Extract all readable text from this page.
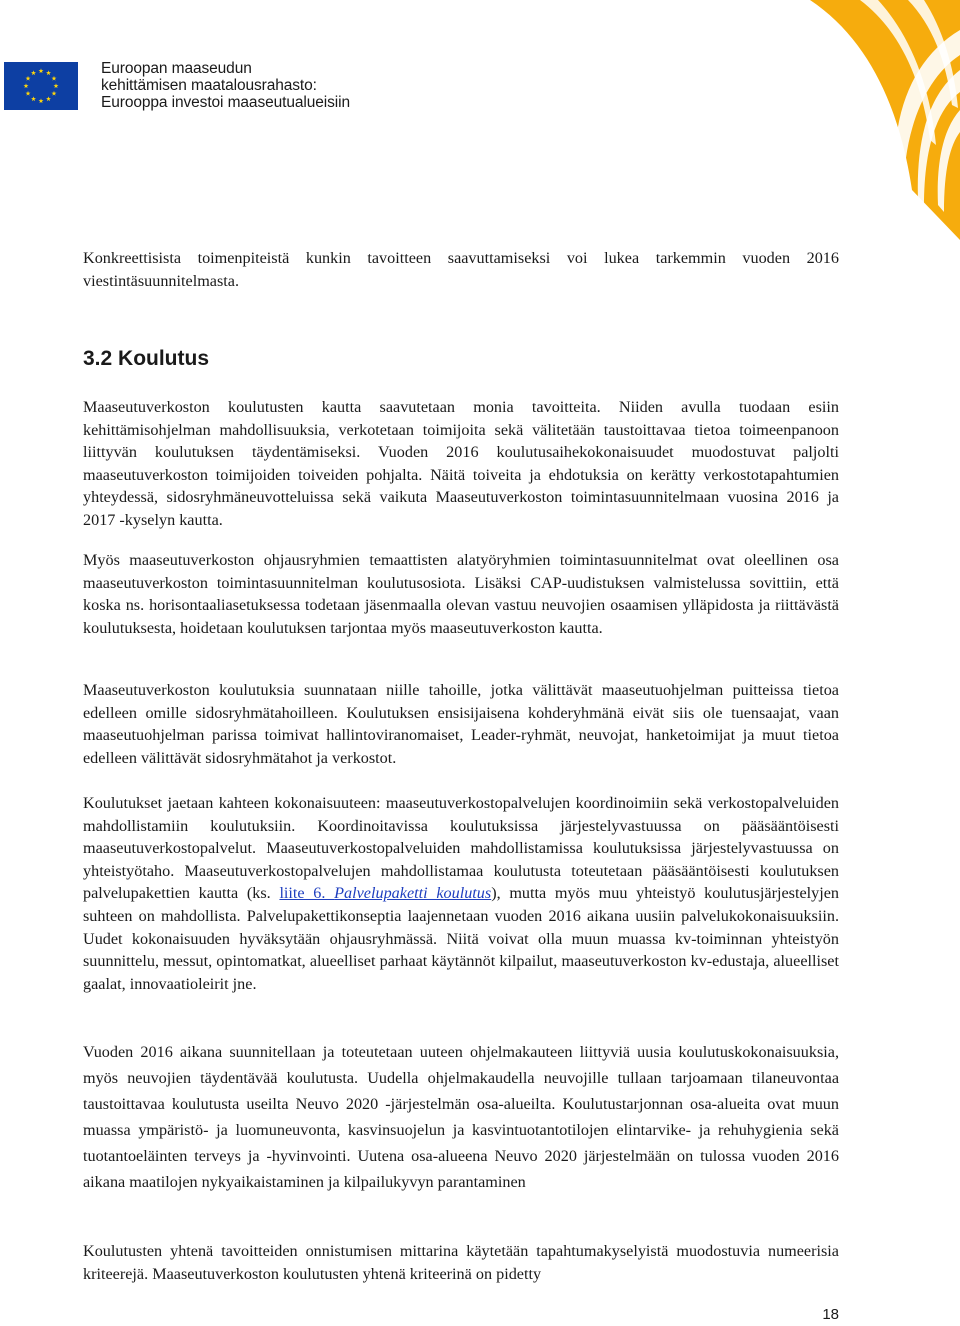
Euroopan maaseudun
kehittämisen maatalousrahasto:
Eurooppa investoi maaseutualueisiin

Konkreettisista toimenpiteistä kunkin tavoitteen saavuttamiseksi voi lukea tarkemmin vuoden 2016 viestintäsuunnitelmasta.

3.2 Koulutus

Maaseutuverkoston koulutusten kautta saavutetaan monia tavoitteita. Niiden avulla tuodaan esiin kehittämisohjelman mahdollisuuksia, verkotetaan toimijoita sekä välitetään taustoittavaa tietoa toimeenpanoon liittyvän koulutuksen täydentämiseksi. Vuoden 2016 koulutusaihekokonaisuudet muodostuvat paljolti maaseutuverkoston toimijoiden toiveiden pohjalta. Näitä toiveita ja ehdotuksia on kerätty verkostotapahtumien yhteydessä, sidosryhmäneuvotteluissa sekä vaikuta Maaseutuverkoston toimintasuunnitelmaan vuosina 2016 ja 2017 -kyselyn kautta.

Myös maaseutuverkoston ohjausryhmien temaattisten alatyöryhmien toimintasuunnitelmat ovat oleellinen osa maaseutuverkoston toimintasuunnitelman koulutusosiota. Lisäksi CAP-uudistuksen valmistelussa sovittiin, että koska ns. horisontaaliasetuksessa todetaan jäsenmaalla olevan vastuu neuvojien osaamisen ylläpidosta ja riittävästä koulutuksesta, hoidetaan koulutuksen tarjontaa myös maaseutuverkoston kautta.

Maaseutuverkoston koulutuksia suunnataan niille tahoille, jotka välittävät maaseutuohjelman puitteissa tietoa edelleen omille sidosryhmätahoilleen. Koulutuksen ensisijaisena kohderyhmänä eivät siis ole tuensaajat, vaan maaseutuohjelman parissa toimivat hallintoviranomaiset, Leader-ryhmät, neuvojat, hanketoimijat ja muut tietoa edelleen välittävät sidosryhmätahot ja verkostot.

Koulutukset jaetaan kahteen kokonaisuuteen: maaseutuverkostopalvelujen koordinoimiin sekä verkostopalveluiden mahdollistamiin koulutuksiin. Koordinoitavissa koulutuksissa järjestelyvastuussa on pääsääntöisesti maaseutuverkostopalvelut. Maaseutuverkostopalveluiden mahdollistamissa koulutuksissa järjestelyvastuussa on yhteistyötaho. Maaseutuverkostopalvelujen mahdollistamaa koulutusta toteutetaan pääsääntöisesti koulutuksen palvelupakettien kautta (ks. liite 6. Palvelupaketti koulutus), mutta myös muu yhteistyö koulutusjärjestelyjen suhteen on mahdollista. Palvelupakettikonseptia laajennetaan vuoden 2016 aikana uusiin palvelukokonaisuuksiin. Uudet kokonaisuuden hyväksytään ohjausryhmässä. Niitä voivat olla muun muassa kv-toiminnan yhteistyön suunnittelu, messut, opintomatkat, alueelliset parhaat käytännöt kilpailut, maaseutuverkoston kv-edustaja, alueelliset gaalat, innovaatioleirit jne.

Vuoden 2016 aikana suunnitellaan ja toteutetaan uuteen ohjelmakauteen liittyviä uusia koulutuskokonaisuuksia, myös neuvojien täydentävää koulutusta. Uudella ohjelmakaudella neuvojille tullaan tarjoamaan tilaneuvontaa taustoittavaa koulutusta useilta Neuvo 2020 -järjestelmän osa-alueilta. Koulutustarjonnan osa-alueita ovat muun muassa ympäristö- ja luomuneuvonta, kasvinsuojelun ja kasvintuotantotilojen elintarvike- ja rehuhygienia sekä tuotantoeläinten terveys ja -hyvinvointi. Uutena osa-alueena Neuvo 2020 järjestelmään on tulossa vuoden 2016 aikana maatilojen nykyaikaistaminen ja kilpailukyvyn parantaminen

Koulutusten yhtenä tavoitteiden onnistumisen mittarina käytetään tapahtumakyselyistä muodostuvia numeerisia kriteerejä. Maaseutuverkoston koulutusten yhtenä kriteerinä on pidetty

18
